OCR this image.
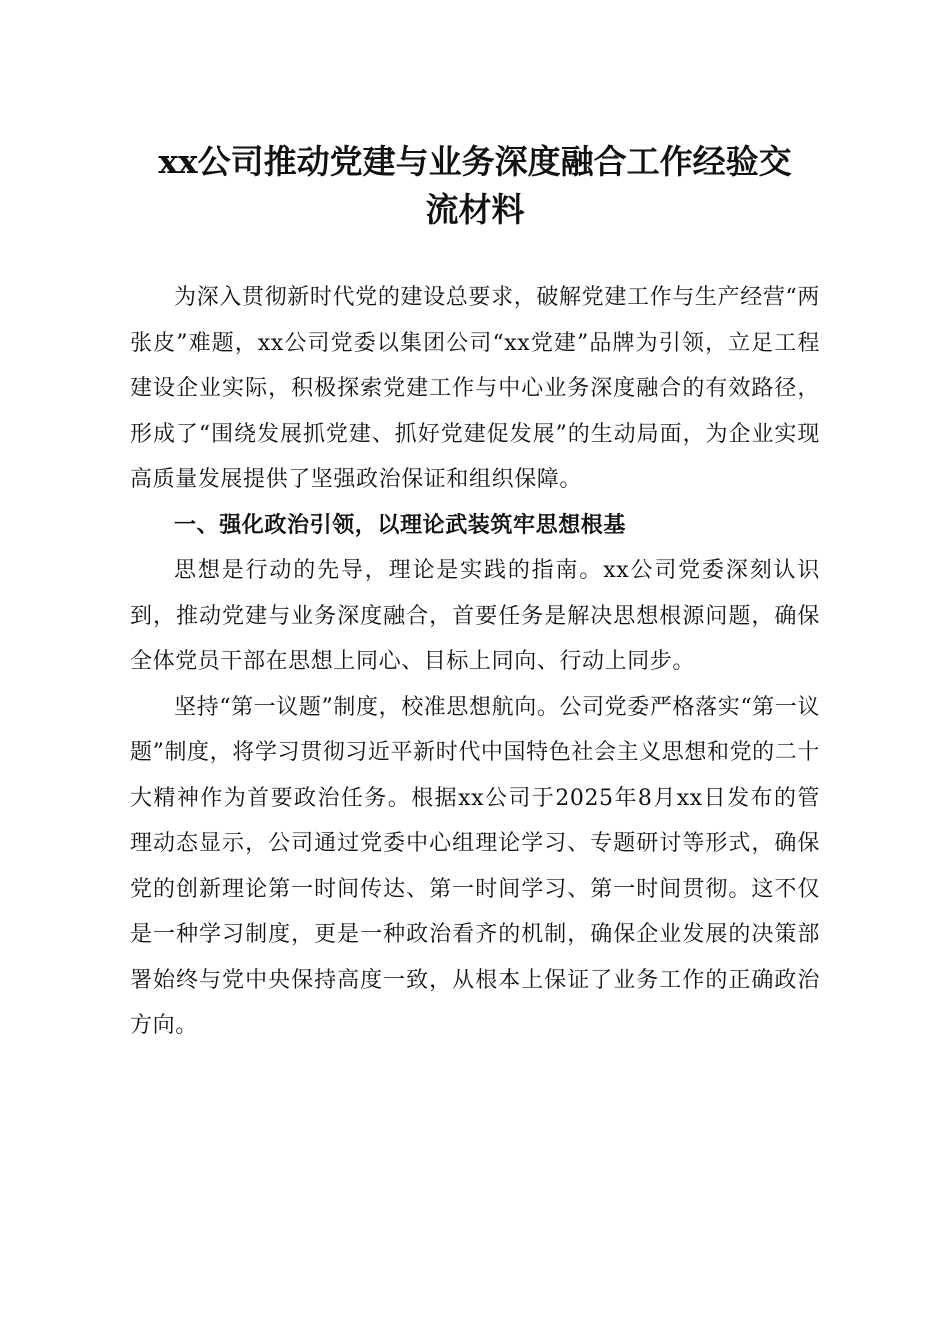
xx公司推动党建与业务深度融合工作经验交
流材料

为深入贯彻新时代党的建设总要求，破解党建工作与生产经营“两张皮”难题，xx公司党委以集团公司“xx党建”品牌为引领，立足工程建设企业实际，积极探索党建工作与中心业务深度融合的有效路径，形成了“围绕发展抓党建、抓好党建促发展”的生动局面，为企业实现高质量发展提供了坚强政治保证和组织保障。

一、强化政治引领，以理论武装筑牢思想根基

思想是行动的先导，理论是实践的指南。xx公司党委深刻认识到，推动党建与业务深度融合，首要任务是解决思想根源问题，确保全体党员干部在思想上同心、目标上同向、行动上同步。

坚持“第一议题”制度，校准思想航向。公司党委严格落实“第一议题”制度，将学习贯彻习近平新时代中国特色社会主义思想和党的二十大精神作为首要政治任务。根据xx公司于2025年8月xx日发布的管理动态显示，公司通过党委中心组理论学习、专题研讨等形式，确保党的创新理论第一时间传达、第一时间学习、第一时间贯彻。这不仅是一种学习制度，更是一种政治看齐的机制，确保企业发展的决策部署始终与党中央保持高度一致，从根本上保证了业务工作的正确政治方向。
